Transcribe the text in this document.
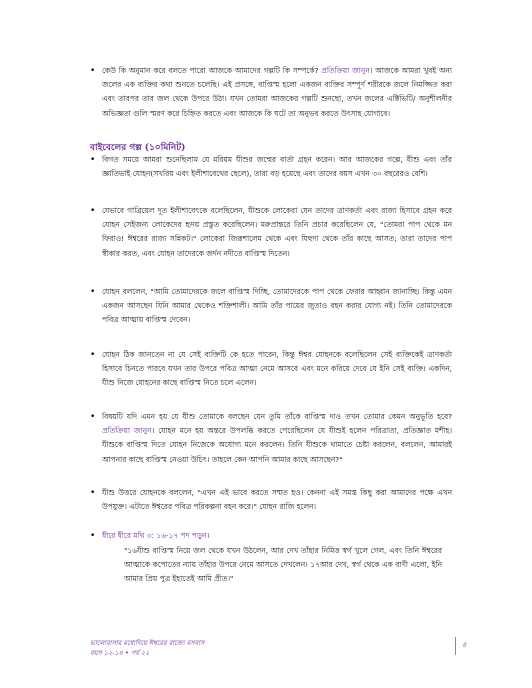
• কেউ কি অনুমান করে বলতে পারো আজকে আমাদের গল্পটি কি সম্পর্কে? প্রতিক্রিয়া জানুন। আজকে আমরা খুবই অন্য জলের এক ব্যক্তির কথা শুনতে চলেছি। এই প্রসঙ্গে, বাপ্তিস্ম হলো একজন ব্যক্তির সম্পূর্ণ শরীরকে জলে নিমজ্জিত করা এবং তারপর তার জল থেকে উপরে উঠা। যখন তোমরা আজকের গল্পটি শুনছো, তখন জলের এক্টিভিটি/ অনুশীলনীর অভিজ্ঞতা গুলি স্মরণ করে চিহ্নিত করতে এবং আজকে কি ঘটে তা অনুভব করতে উৎসাহ যোগাবে।
বাইবেলের গল্প (১০মিনিট)
• বিগত সময়ে আমরা শুনেছিলাম যে মরিয়ম যীশুর জন্মের বার্তা গ্রহন করেন। আর আজকের গল্পে, যীশু এবং তাঁর জ্ঞাতিভাই যোহন(সখরিয় এবং ইলীশাবেথের ছেলে), তারা বড় হয়েছে এবং তাদের বয়স এখন ৩০ বছরেরও বেশি।
• যেভাবে গাব্রিয়েল দূত ইলীশাবেৎকে বলেছিলেন, যীশুকে লোকেরা যেন তাদের ত্রাণকর্তা এবং রাজা হিসাবে গ্রহন করে যোহন সেইজন্য লোকেদের হৃদয় প্রস্তুত করেছিলেন। মরুপ্রান্তরে তিনি প্রচার করেছিলেন যে, "তোমরা পাপ থেকে মন ফিরাও! ঈশ্বরের রাজ্য সন্নিকট।" লোকেরা জিরূশালেম থেকে এবং যিহুদা থেকে তাঁর কাছে আসত; তারা তাদের পাপ স্বীকার করত, এবং যোহন তাদেরকে জর্দন নদীতে বাপ্তিস্ম দিতেন।
• যোহন বললেন, "আমি তোমাদেরকে জলে বাপ্তিস্ম দিচ্ছি, তোমাদেরকে পাপ থেকে ফেরার আহ্বান জানাচ্ছি। কিন্তু এমন একজন আসছেন যিনি আমার থেকেও শক্তিশালী। আমি তাঁর পায়ের জুতাও বহন করার যোগ্য নই। তিনি তোমাদেরকে পবিত্র আত্মায় বাপ্তিস্ম দেবেন।
• যোহন ঠিক জানতেন না যে সেই ব্যক্তিটি কে হতে পারেন, কিন্তু ঈশ্বর যোহনকে বলেছিলেন সেই ব্যক্তিকেই ত্রাণকর্তা হিসাবে চিনতে পারবে যখন তার উপরে পবিত্র আত্মা নেমে আসবে এবং মনে করিয়ে দেবে যে ইনি সেই ব্যক্তি। একদিন, যীশু নিজে যোহনের কাছে বাপ্তিস্ম নিতে চলে এলেন।
• বিষয়টি যদি এমন হয় যে যীশু তোমাকে বলছেন যেন তুমি তাঁকে বাপ্তিস্ম দাও তখন তোমার কেমন অনুভূতি হবে? প্রতিক্রিয়া জানুন। যোহন মনে হয় অন্তরে উপলব্ধি করতে পেরেছিলেন যে যীশুই হলেন পরিত্রাতা, প্রতিজ্ঞাত মশীহ। যীশুকে বাপ্তিস্ম দিতে যোহন নিজেকে অযোগ্য মনে করলেন। তিনি যীশুকে থামাতে চেষ্টা করলেন, বললেন, আমারই আপনার কাছে বাপ্তিস্ম নেওয়া উচিৎ। তাহলে কেন আপনি আমার কাছে আসছেন?"
• যীশু উত্তরে যোহনকে বললেন, "এখন এই ভাবে করতে সম্মত হও। কেননা এই সমস্ত কিছু করা আমাদের পক্ষে এখন উপযুক্ত। এটাতে ঈশ্বরের পবিত্র পরিকল্পনা বহন করে।" যোহন রাজি হলেন।
• ধীরে ধীরে মথি ৩: ১৬-১৭ পদ পড়ুন।
"১৬যীশু বাপ্তিস্ম নিয়ে জল থেকে যখন উঠলেন, আর দেখ তাঁহার নিমিত্ত স্বর্গ খুলে গেল, এবং তিনি ঈশ্বরের আত্মাকে কপোতের ন্যায় তাঁহার উপরে নেমে আসতে দেখলেন। ১৭আর দেখ, স্বর্গ থেকে এক বাণী এলো, ইনি আমার প্রিয় পুত্র ইহাতেই আমি প্রীত।"
ভালোবাসার মধ্যেদিয়ে ঈশ্বরের রাজ্যে বসবাস
বয়স ১২-১৪ • পর্ব ২২
৪
